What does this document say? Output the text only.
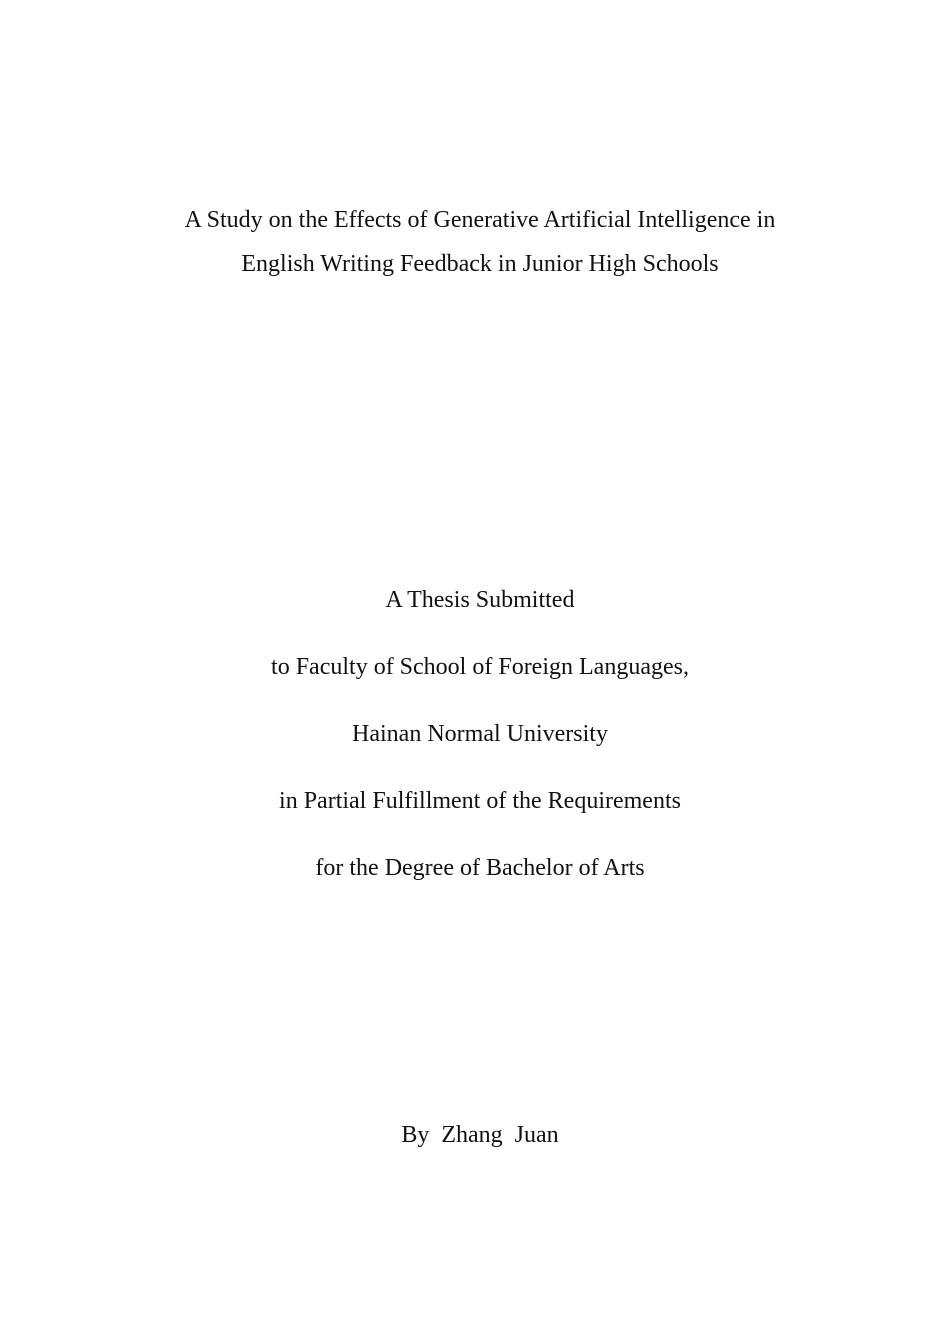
A Study on the Effects of Generative Artificial Intelligence in
English Writing Feedback in Junior High Schools
A Thesis Submitted
to Faculty of School of Foreign Languages,
Hainan Normal University
in Partial Fulfillment of the Requirements
for the Degree of Bachelor of Arts
By  Zhang  Juan
